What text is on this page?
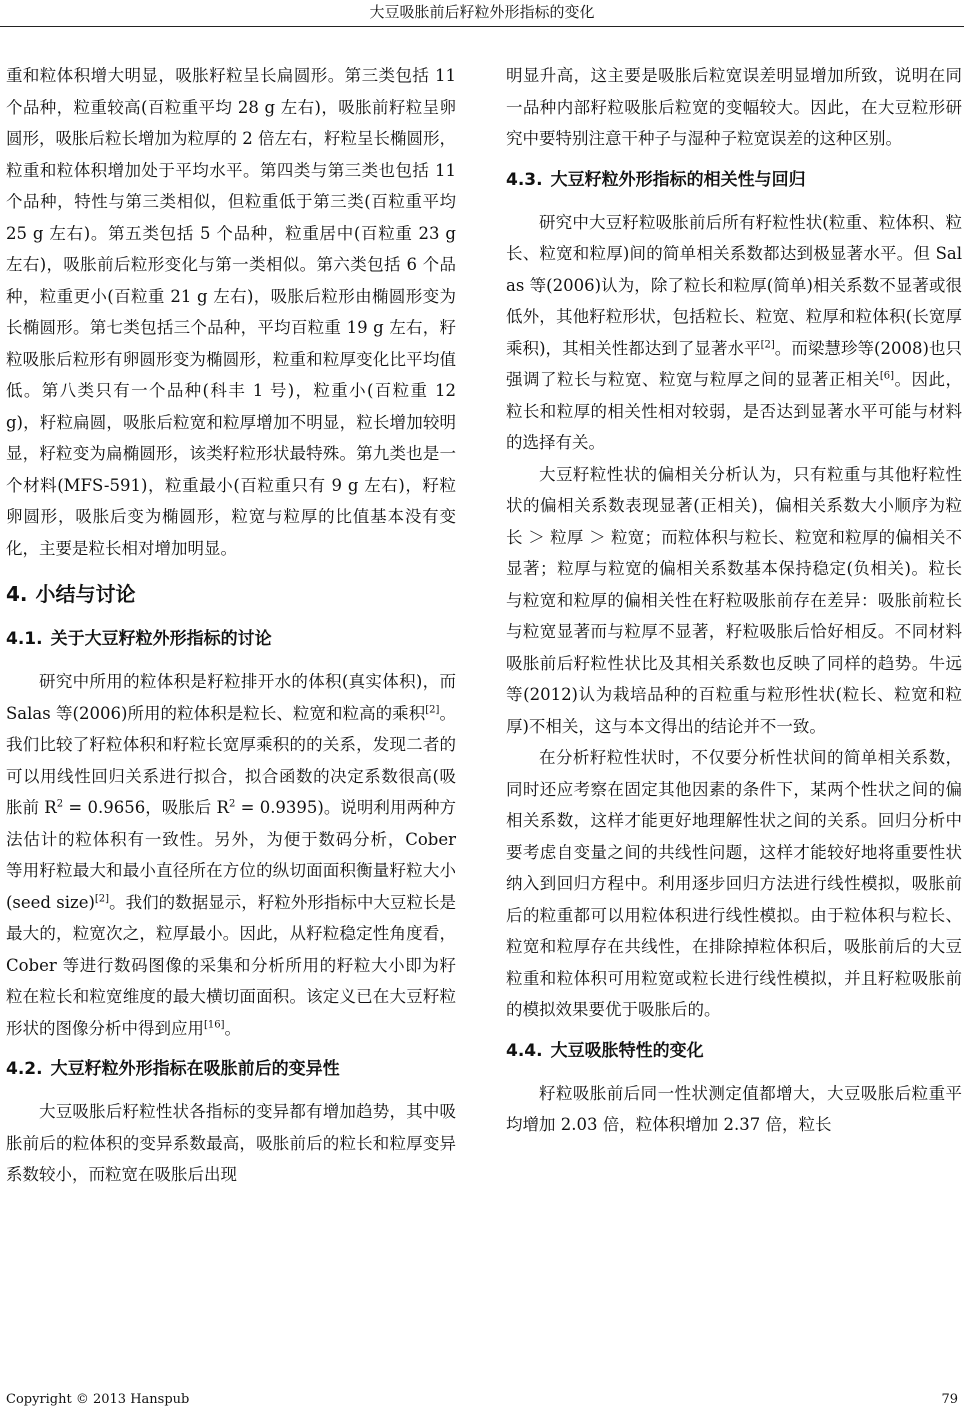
大豆吸胀前后籽粒外形指标的变化

重和粒体积增大明显，吸胀籽粒呈长扁圆形。第三类包括 11 个品种，粒重较高(百粒重平均 28 g 左右)，吸胀前籽粒呈卵圆形，吸胀后粒长增加为粒厚的 2 倍左右，籽粒呈长椭圆形，粒重和粒体积增加处于平均水平。第四类与第三类也包括 11 个品种，特性与第三类相似，但粒重低于第三类(百粒重平均 25 g 左右)。第五类包括 5 个品种，粒重居中(百粒重 23 g 左右)，吸胀前后粒形变化与第一类相似。第六类包括 6 个品种，粒重更小(百粒重 21 g 左右)，吸胀后粒形由椭圆形变为长椭圆形。第七类包括三个品种，平均百粒重 19 g 左右，籽粒吸胀后粒形有卵圆形变为椭圆形，粒重和粒厚变化比平均值低。第八类只有一个品种(科丰 1 号)，粒重小(百粒重 12 g)，籽粒扁圆，吸胀后粒宽和粒厚增加不明显，粒长增加较明显，籽粒变为扁椭圆形，该类籽粒形状最特殊。第九类也是一个材料(MFS-591)，粒重最小(百粒重只有 9 g 左右)，籽粒卵圆形，吸胀后变为椭圆形，粒宽与粒厚的比值基本没有变化，主要是粒长相对增加明显。

4. 小结与讨论
4.1. 关于大豆籽粒外形指标的讨论

研究中所用的粒体积是籽粒排开水的体积(真实体积)，而 Salas 等(2006)所用的粒体积是粒长、粒宽和粒高的乘积[2]。我们比较了籽粒体积和籽粒长宽厚乘积的的关系，发现二者的可以用线性回归关系进行拟合，拟合函数的决定系数很高(吸胀前 $R^2 = 0.9656$，吸胀后 $R^2 = 0.9395$)。说明利用两种方法估计的粒体积有一致性。另外，为便于数码分析，Cober 等用籽粒最大和最小直径所在方位的纵切面面积衡量籽粒大小(seed size)[2]。我们的数据显示，籽粒外形指标中大豆粒长是最大的，粒宽次之，粒厚最小。因此，从籽粒稳定性角度看，Cober 等进行数码图像的采集和分析所用的籽粒大小即为籽粒在粒长和粒宽维度的最大横切面面积。该定义已在大豆籽粒形状的图像分析中得到应用[16]。

4.2. 大豆籽粒外形指标在吸胀前后的变异性

大豆吸胀后籽粒性状各指标的变异都有增加趋势，其中吸胀前后的粒体积的变异系数最高，吸胀前后的粒长和粒厚变异系数较小，而粒宽在吸胀后出现

明显升高，这主要是吸胀后粒宽误差明显增加所致，说明在同一品种内部籽粒吸胀后粒宽的变幅较大。因此，在大豆粒形研究中要特别注意干种子与湿种子粒宽误差的这种区别。

4.3. 大豆籽粒外形指标的相关性与回归

研究中大豆籽粒吸胀前后所有籽粒性状(粒重、粒体积、粒长、粒宽和粒厚)间的简单相关系数都达到极显著水平。但 Salas 等(2006)认为，除了粒长和粒厚(简单)相关系数不显著或很低外，其他籽粒形状，包括粒长、粒宽、粒厚和粒体积(长宽厚乘积)，其相关性都达到了显著水平[2]。而梁慧珍等(2008)也只强调了粒长与粒宽、粒宽与粒厚之间的显著正相关[6]。因此，粒长和粒厚的相关性相对较弱，是否达到显著水平可能与材料的选择有关。

大豆籽粒性状的偏相关分析认为，只有粒重与其他籽粒性状的偏相关系数表现显著(正相关)，偏相关系数大小顺序为粒长 ＞ 粒厚 ＞ 粒宽；而粒体积与粒长、粒宽和粒厚的偏相关不显著；粒厚与粒宽的偏相关系数基本保持稳定(负相关)。粒长与粒宽和粒厚的偏相关性在籽粒吸胀前存在差异：吸胀前粒长与粒宽显著而与粒厚不显著，籽粒吸胀后恰好相反。不同材料吸胀前后籽粒性状比及其相关系数也反映了同样的趋势。牛远等(2012)认为栽培品种的百粒重与粒形性状(粒长、粒宽和粒厚)不相关，这与本文得出的结论并不一致。

在分析籽粒性状时，不仅要分析性状间的简单相关系数，同时还应考察在固定其他因素的条件下，某两个性状之间的偏相关系数，这样才能更好地理解性状之间的关系。回归分析中要考虑自变量之间的共线性问题，这样才能较好地将重要性状纳入到回归方程中。利用逐步回归方法进行线性模拟，吸胀前后的粒重都可以用粒体积进行线性模拟。由于粒体积与粒长、粒宽和粒厚存在共线性，在排除掉粒体积后，吸胀前后的大豆粒重和粒体积可用粒宽或粒长进行线性模拟，并且籽粒吸胀前的模拟效果要优于吸胀后的。

4.4. 大豆吸胀特性的变化

籽粒吸胀前后同一性状测定值都增大，大豆吸胀后粒重平均增加 2.03 倍，粒体积增加 2.37 倍，粒长

Copyright © 2013 Hanspub	79
